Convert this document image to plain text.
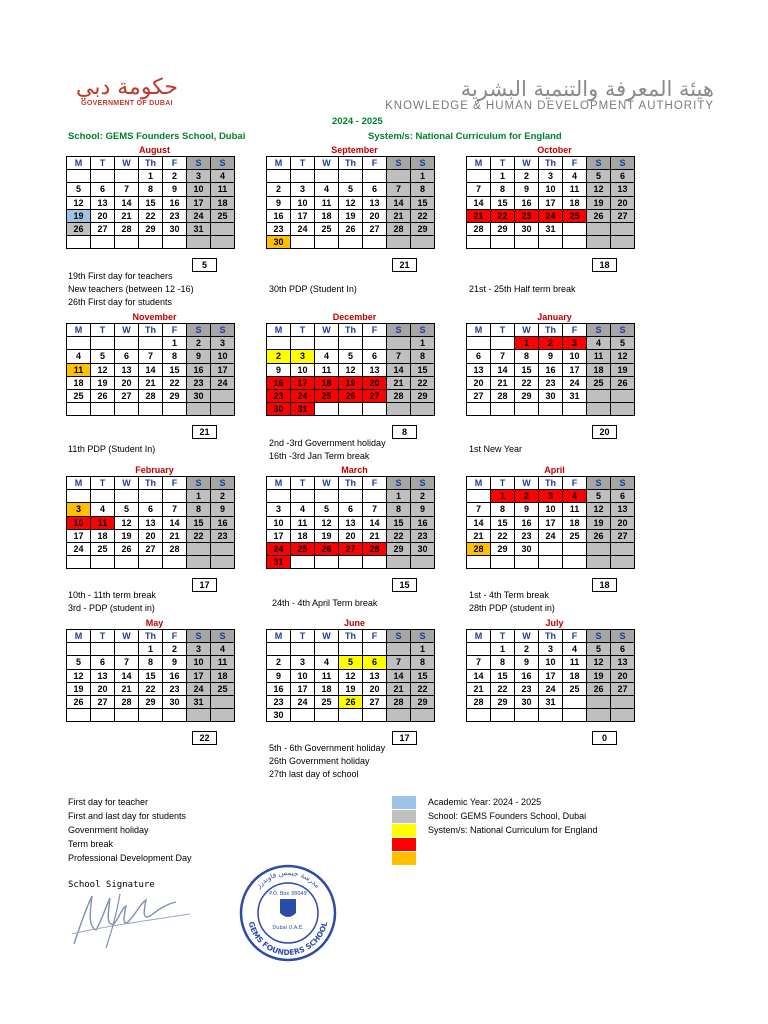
حكومة دبي
GOVERNMENT OF DUBAI
هيئة المعرفة والتنمية البشرية
KNOWLEDGE & HUMAN DEVELOPMENT AUTHORITY
2024 - 2025
School: GEMS Founders School, Dubai	System/s: National Curriculum for England
August
M	T	W	Th	F	S	S
			1	2	3	4
5	6	7	8	9	10	11
12	13	14	15	16	17	18
19	20	21	22	23	24	25
26	27	28	29	30	31	

5
September
M	T	W	Th	F	S	S
						1
2	3	4	5	6	7	8
9	10	11	12	13	14	15
16	17	18	19	20	21	22
23	24	25	26	27	28	29
30						
21
October
M	T	W	Th	F	S	S
	1	2	3	4	5	6
7	8	9	10	11	12	13
14	15	16	17	18	19	20
21	22	23	24	25	26	27
28	29	30	31			

18
November
M	T	W	Th	F	S	S
				1	2	3
4	5	6	7	8	9	10
11	12	13	14	15	16	17
18	19	20	21	22	23	24
25	26	27	28	29	30	

21
December
M	T	W	Th	F	S	S
						1
2	3	4	5	6	7	8
9	10	11	12	13	14	15
16	17	18	19	20	21	22
23	24	25	26	27	28	29
30	31					
8
January
M	T	W	Th	F	S	S
		1	2	3	4	5
6	7	8	9	10	11	12
13	14	15	16	17	18	19
20	21	22	23	24	25	26
27	28	29	30	31		

20
February
M	T	W	Th	F	S	S
					1	2
3	4	5	6	7	8	9
10	11	12	13	14	15	16
17	18	19	20	21	22	23
24	25	26	27	28		

17
March
M	T	W	Th	F	S	S
					1	2
3	4	5	6	7	8	9
10	11	12	13	14	15	16
17	18	19	20	21	22	23
24	25	26	27	28	29	30
31						
15
April
M	T	W	Th	F	S	S
	1	2	3	4	5	6
7	8	9	10	11	12	13
14	15	16	17	18	19	20
21	22	23	24	25	26	27
28	29	30				

18
May
M	T	W	Th	F	S	S
			1	2	3	4
5	6	7	8	9	10	11
12	13	14	15	16	17	18
19	20	21	22	23	24	25
26	27	28	29	30	31	

22
June
M	T	W	Th	F	S	S
						1
2	3	4	5	6	7	8
9	10	11	12	13	14	15
16	17	18	19	20	21	22
23	24	25	26	27	28	29
30						
17
July
M	T	W	Th	F	S	S
	1	2	3	4	5	6
7	8	9	10	11	12	13
14	15	16	17	18	19	20
21	22	23	24	25	26	27
28	29	30	31			

0
19th First day for teachers
New teachers (between 12 -16)
26th First day for students
30th PDP (Student In)	21st - 25th Half term break
11th PDP (Student In)
2nd -3rd Government holiday
16th -3rd Jan Term break
1st New Year
10th - 11th term break
3rd - PDP (student in)	24th - 4th April Term break
1st - 4th Term break
28th PDP (student in)
5th - 6th Government holiday
26th Government holiday
27th last day of school
First day for teacher
First and last day for students
Govenrment holiday
Term break
Professional Development Day
Academic Year: 2024 - 2025
School: GEMS Founders School, Dubai
System/s: National Curriculum for England
School Signature	مدرسة جيمس فاوندرز
GEMS FOUNDERS SCHOOL
P.O. Box 38049
Dubai U.A.E.
